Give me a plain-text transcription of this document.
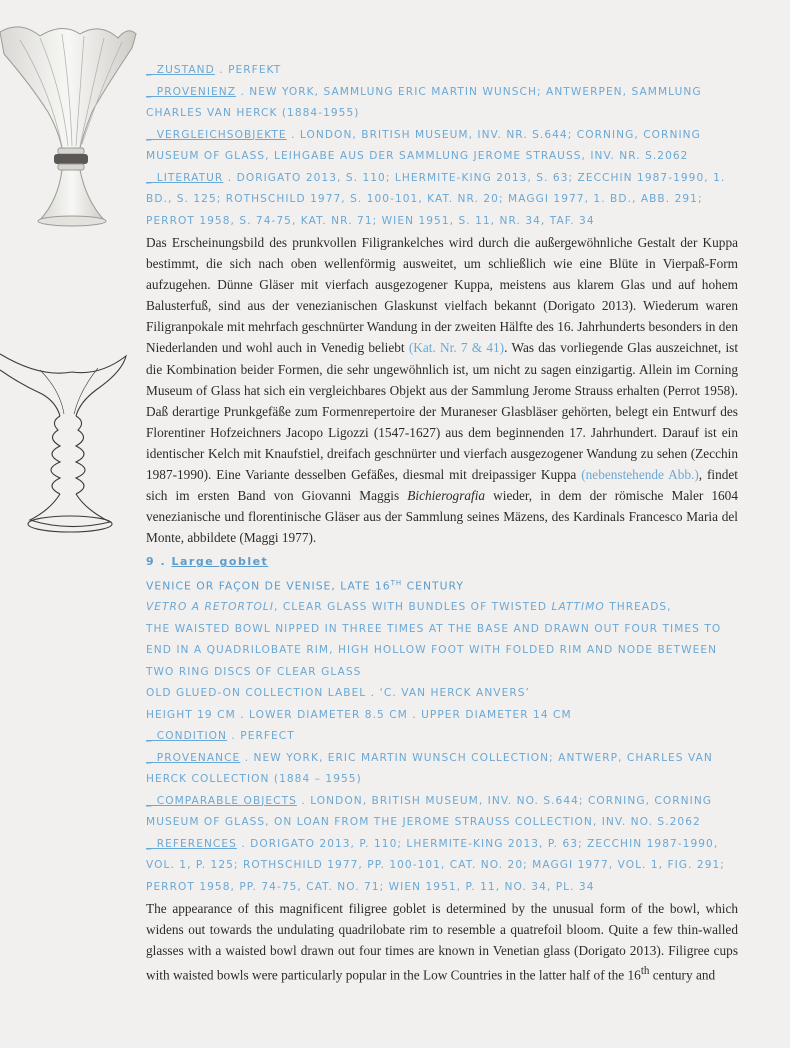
_ ZUSTAND . PERFEKT

_ PROVENIENZ . NEW YORK, SAMMLUNG ERIC MARTIN WUNSCH; ANTWERPEN, SAMMLUNG CHARLES VAN HERCK (1884-1955)

_ VERGLEICHSOBJEKTE . LONDON, BRITISH MUSEUM, INV. NR. S.644; CORNING, CORNING MUSEUM OF GLASS, LEIHGABE AUS DER SAMMLUNG JEROME STRAUSS, INV. NR. S.2062

_ LITERATUR . DORIGATO 2013, S. 110; LHERMITE-KING 2013, S. 63; ZECCHIN 1987-1990, 1. BD., S. 125; ROTHSCHILD 1977, S. 100-101, KAT. NR. 20; MAGGI 1977, 1. BD., ABB. 291; PERROT 1958, S. 74-75, KAT. NR. 71; WIEN 1951, S. 11, NR. 34, TAF. 34

Das Erscheinungsbild des prunkvollen Filigrankelches wird durch die außergewöhnliche Gestalt der Kuppa bestimmt, die sich nach oben wellenförmig ausweitet, um schließlich wie eine Blüte in Vierpaß-Form aufzugehen. Dünne Gläser mit vierfach ausgezogener Kuppa, meistens aus klarem Glas und auf hohem Balusterfuß, sind aus der venezianischen Glaskunst vielfach bekannt (Dorigato 2013). Wiederum waren Filigranpokale mit mehrfach geschnürter Wandung in der zweiten Hälfte des 16. Jahrhunderts besonders in den Niederlanden und wohl auch in Venedig beliebt (Kat. Nr. 7 & 41). Was das vorliegende Glas auszeichnet, ist die Kombination beider Formen, die sehr ungewöhnlich ist, um nicht zu sagen einzigartig. Allein im Corning Museum of Glass hat sich ein vergleichbares Objekt aus der Sammlung Jerome Strauss erhalten (Perrot 1958). Daß derartige Prunkgefäße zum Formenrepertoire der Muraneser Glasbläser gehörten, belegt ein Entwurf des Florentiner Hofzeichners Jacopo Ligozzi (1547-1627) aus dem beginnenden 17. Jahrhundert. Darauf ist ein identischer Kelch mit Knaufstiel, dreifach geschnürter und vierfach ausgezogener Wandung zu sehen (Zecchin 1987-1990). Eine Variante desselben Gefäßes, diesmal mit dreipassiger Kuppa (nebenstehende Abb.), findet sich im ersten Band von Giovanni Maggis Bichierografia wieder, in dem der römische Maler 1604 venezianische und florentinische Gläser aus der Sammlung seines Mäzens, des Kardinals Francesco Maria del Monte, abbildete (Maggi 1977).

9 . Large goblet

VENICE OR FAÇON DE VENISE, LATE 16TH CENTURY

VETRO A RETORTOLI, CLEAR GLASS WITH BUNDLES OF TWISTED LATTIMO THREADS,

THE WAISTED BOWL NIPPED IN THREE TIMES AT THE BASE AND DRAWN OUT FOUR TIMES TO END IN A QUADRILOBATE RIM, HIGH HOLLOW FOOT WITH FOLDED RIM AND NODE BETWEEN TWO RING DISCS OF CLEAR GLASS

OLD GLUED-ON COLLECTION LABEL . ‘C. VAN HERCK ANVERS’

HEIGHT 19 CM . LOWER DIAMETER 8.5 CM . UPPER DIAMETER 14 CM

_ CONDITION . PERFECT

_ PROVENANCE . NEW YORK, ERIC MARTIN WUNSCH COLLECTION; ANTWERP, CHARLES VAN HERCK COLLECTION (1884 – 1955)

_ COMPARABLE OBJECTS . LONDON, BRITISH MUSEUM, INV. NO. S.644; CORNING, CORNING MUSEUM OF GLASS, ON LOAN FROM THE JEROME STRAUSS COLLECTION, INV. NO. S.2062

_ REFERENCES . DORIGATO 2013, P. 110; LHERMITE-KING 2013, P. 63; ZECCHIN 1987-1990, VOL. 1, P. 125; ROTHSCHILD 1977, PP. 100-101, CAT. NO. 20; MAGGI 1977, VOL. 1, FIG. 291; PERROT 1958, PP. 74-75, CAT. NO. 71; WIEN 1951, P. 11, NO. 34, PL. 34

The appearance of this magnificent filigree goblet is determined by the unusual form of the bowl, which widens out towards the undulating quadrilobate rim to resemble a quatrefoil bloom. Quite a few thin-walled glasses with a waisted bowl drawn out four times are known in Venetian glass (Dorigato 2013). Filigree cups with waisted bowls were particularly popular in the Low Countries in the latter half of the 16th century and
